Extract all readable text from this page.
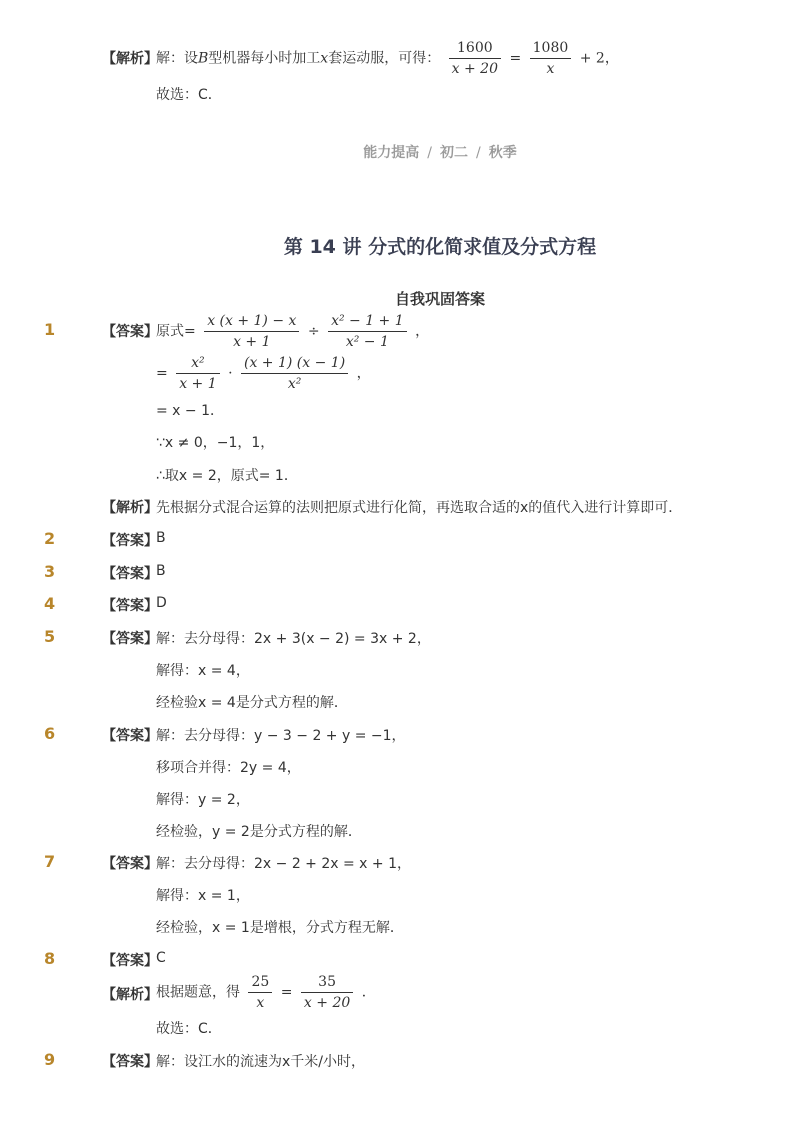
【解析】
解：设B型机器每小时加工x套运动服，可得： $\frac{1600}{x + 20} = \frac{1080}{x} + 2$，
故选：C．
能力提高 / 初二 / 秋季
第 14 讲 分式的化简求值及分式方程
自我巩固答案
1	【答案】
原式= $\frac{x (x + 1) - x}{x + 1} \div \frac{\text{x² − 1 + 1}}{\text{x² − 1}}$ ，
= $\frac{\text{x²}}{x + 1} \cdot \frac{(x + 1) (x - 1)}{\text{x²}}$ ，
= x − 1．
∵x ≠ 0，−1，1，
∴取x = 2，原式= 1．
【解析】
先根据分式混合运算的法则把原式进行化简，再选取合适的x的值代入进行计算即可．
2	【答案】
B
3	【答案】
B
4	【答案】
D
5	【答案】
解：去分母得：2x + 3(x − 2) = 3x + 2，
解得：x = 4，
经检验x = 4是分式方程的解．
6	【答案】
解：去分母得：y − 3 − 2 + y = −1，
移项合并得：2y = 4，
解得：y = 2，
经检验，y = 2是分式方程的解．
7	【答案】
解：去分母得：2x − 2 + 2x = x + 1，
解得：x = 1，
经检验，x = 1是增根，分式方程无解．
8	【答案】
C
【解析】
根据题意，得 $\frac{25}{x} = \frac{35}{x + 20}$ ．
故选：C．
9	【答案】
解：设江水的流速为x千米/小时，
